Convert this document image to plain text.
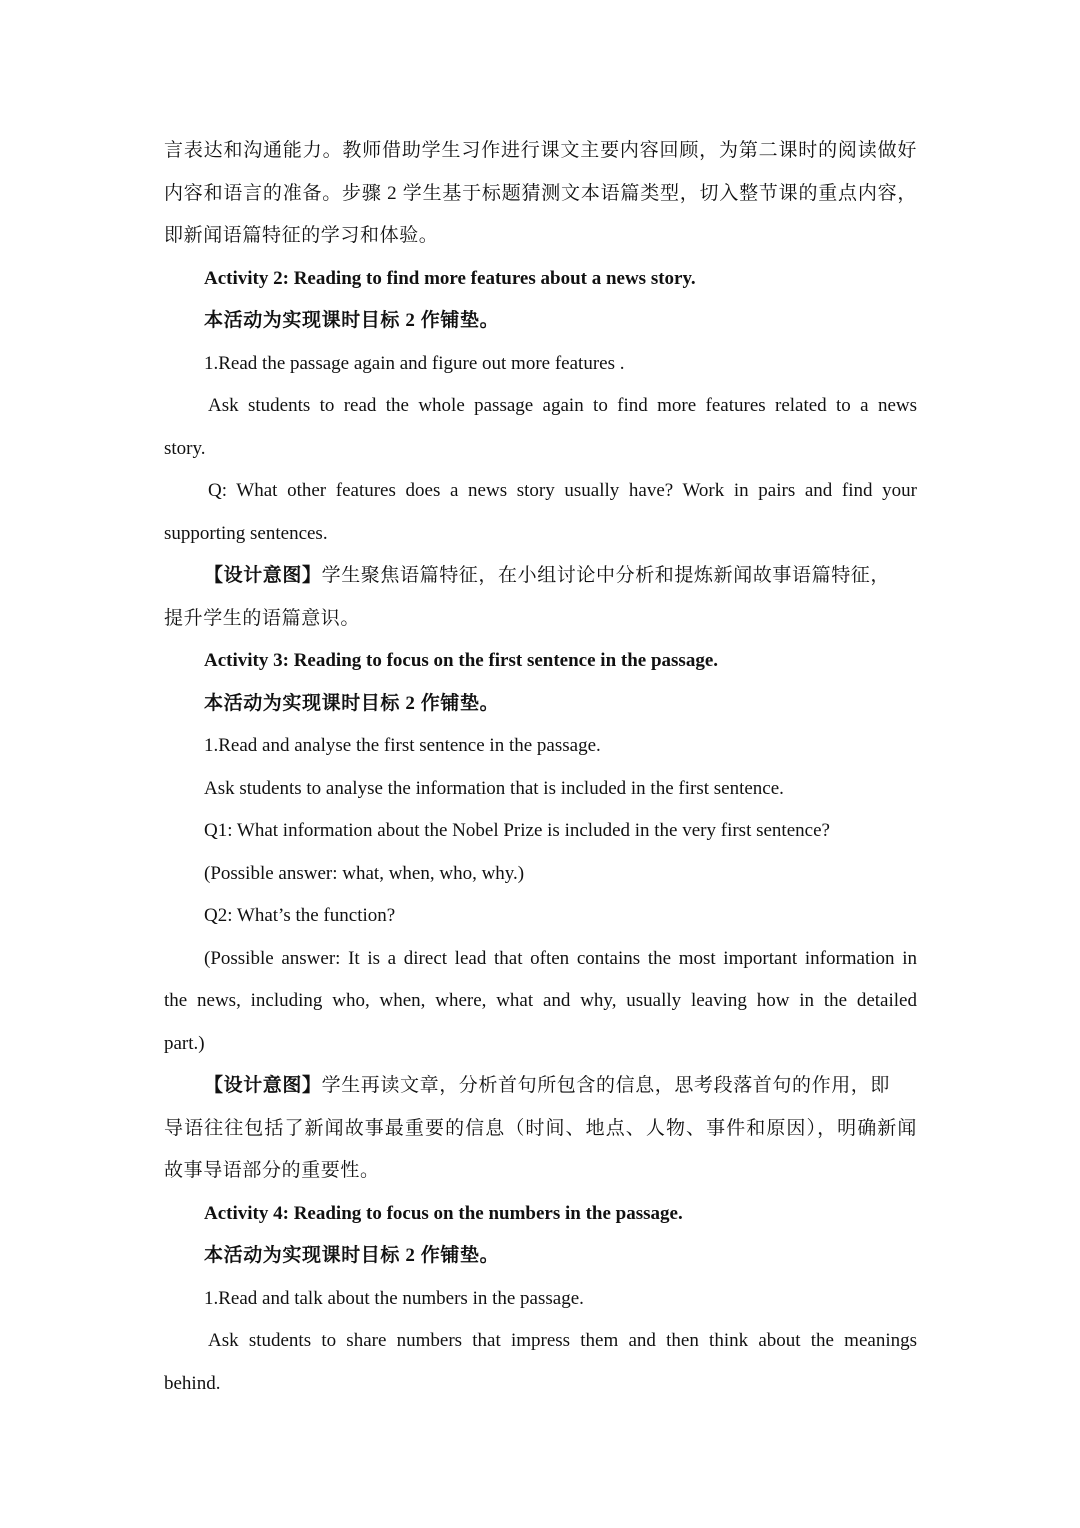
言表达和沟通能力。教师借助学生习作进行课文主要内容回顾，为第二课时的阅读做好
内容和语言的准备。步骤 2 学生基于标题猜测文本语篇类型，切入整节课的重点内容，
即新闻语篇特征的学习和体验。
Activity 2: Reading to find more features about a news story.
本活动为实现课时目标 2 作铺垫。
1.Read the passage again and figure out more features .
Ask students to read the whole passage again to find more features related to a news
story.
Q: What other features does a news story usually have? Work in pairs and find your
supporting sentences.
【设计意图】学生聚焦语篇特征，在小组讨论中分析和提炼新闻故事语篇特征，
提升学生的语篇意识。
Activity 3: Reading to focus on the first sentence in the passage.
本活动为实现课时目标 2 作铺垫。
1.Read and analyse the first sentence in the passage.
Ask students to analyse the information that is included in the first sentence.
Q1: What information about the Nobel Prize is included in the very first sentence?
(Possible answer: what, when, who, why.)
Q2: What’s the function?
(Possible answer: It is a direct lead that often contains the most important information in
the news, including who, when, where, what and why, usually leaving how in the detailed
part.)
【设计意图】学生再读文章，分析首句所包含的信息，思考段落首句的作用，即
导语往往包括了新闻故事最重要的信息（时间、地点、人物、事件和原因），明确新闻
故事导语部分的重要性。
Activity 4: Reading to focus on the numbers in the passage.
本活动为实现课时目标 2 作铺垫。
1.Read and talk about the numbers in the passage.
Ask students to share numbers that impress them and then think about the meanings
behind.
